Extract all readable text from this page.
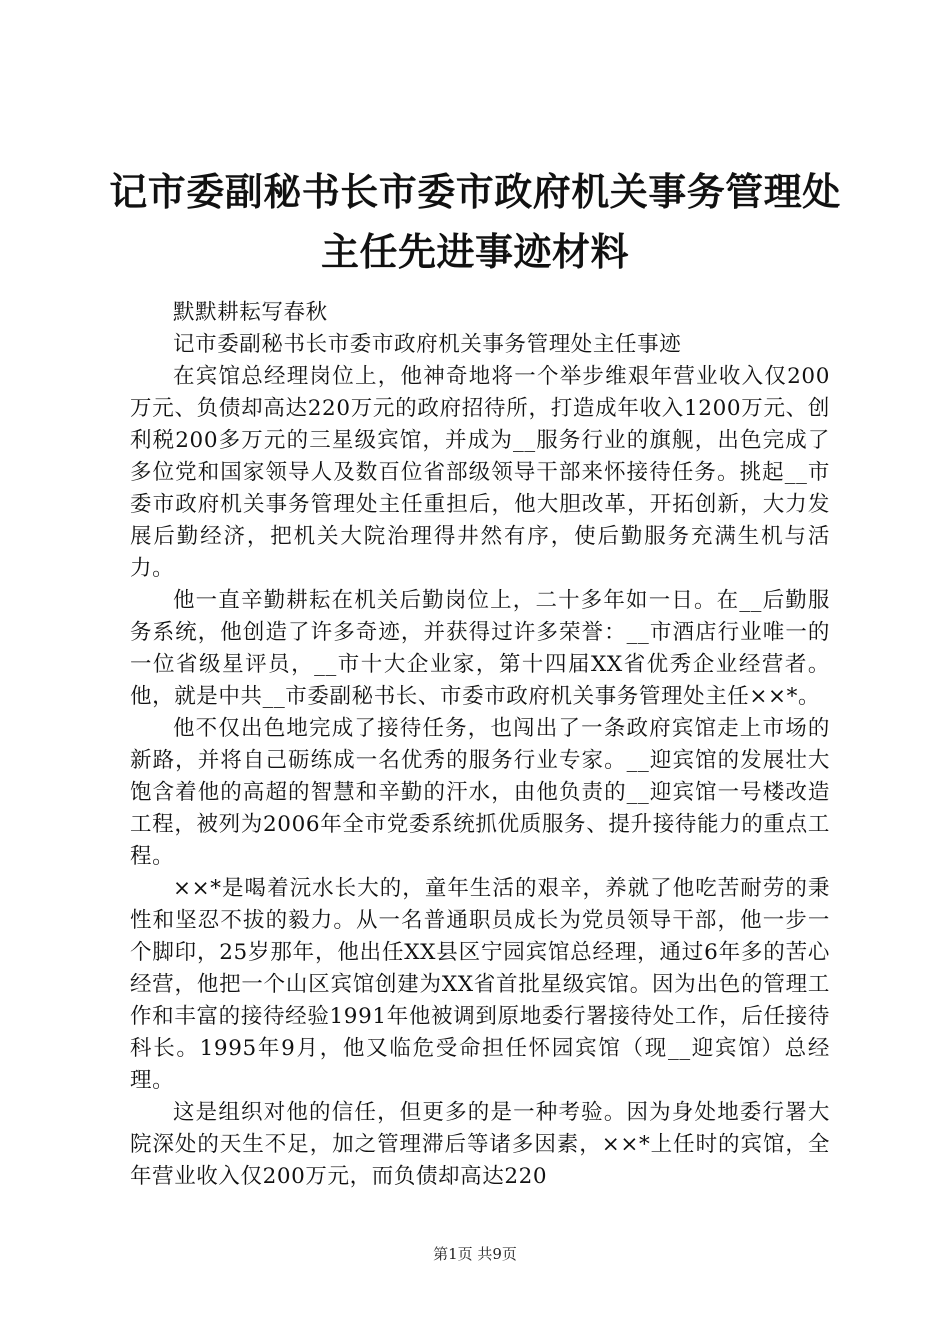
记市委副秘书长市委市政府机关事务管理处主任先进事迹材料

默默耕耘写春秋

记市委副秘书长市委市政府机关事务管理处主任事迹

在宾馆总经理岗位上，他神奇地将一个举步维艰年营业收入仅200万元、负债却高达220万元的政府招待所，打造成年收入1200万元、创利税200多万元的三星级宾馆，并成为__服务行业的旗舰，出色完成了多位党和国家领导人及数百位省部级领导干部来怀接待任务。挑起__市委市政府机关事务管理处主任重担后，他大胆改革，开拓创新，大力发展后勤经济，把机关大院治理得井然有序，使后勤服务充满生机与活力。

他一直辛勤耕耘在机关后勤岗位上，二十多年如一日。在__后勤服务系统，他创造了许多奇迹，并获得过许多荣誉：__市酒店行业唯一的一位省级星评员，__市十大企业家，第十四届XX省优秀企业经营者。他，就是中共__市委副秘书长、市委市政府机关事务管理处主任××*。

他不仅出色地完成了接待任务，也闯出了一条政府宾馆走上市场的新路，并将自己砺练成一名优秀的服务行业专家。__迎宾馆的发展壮大饱含着他的高超的智慧和辛勤的汗水，由他负责的__迎宾馆一号楼改造工程，被列为2006年全市党委系统抓优质服务、提升接待能力的重点工程。

××*是喝着沅水长大的，童年生活的艰辛，养就了他吃苦耐劳的秉性和坚忍不拔的毅力。从一名普通职员成长为党员领导干部，他一步一个脚印，25岁那年，他出任XX县区宁园宾馆总经理，通过6年多的苦心经营，他把一个山区宾馆创建为XX省首批星级宾馆。因为出色的管理工作和丰富的接待经验1991年他被调到原地委行署接待处工作，后任接待科长。1995年9月，他又临危受命担任怀园宾馆（现__迎宾馆）总经理。

这是组织对他的信任，但更多的是一种考验。因为身处地委行署大院深处的天生不足，加之管理滞后等诸多因素，××*上任时的宾馆，全年营业收入仅200万元，而负债却高达220

第1页 共9页
